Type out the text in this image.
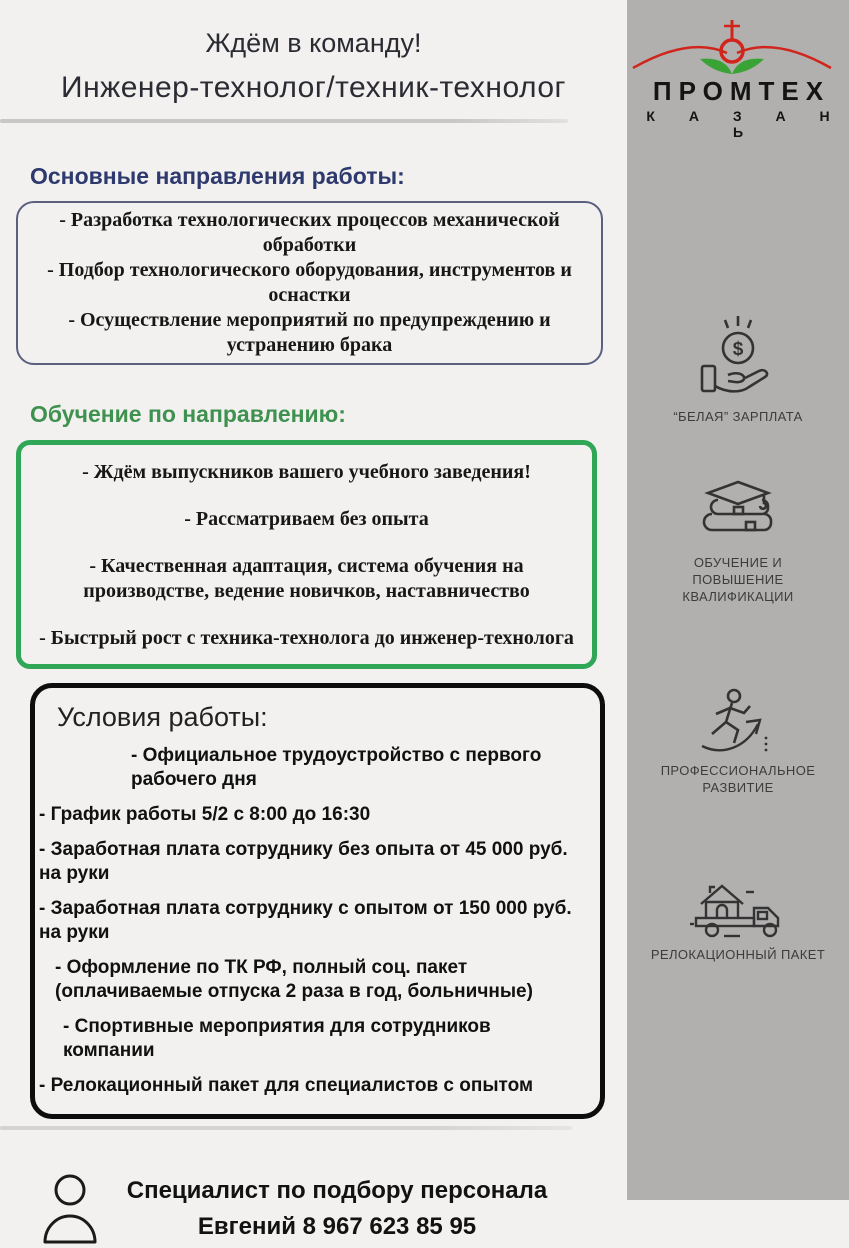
Ждём в команду!
Инженер-технолог/техник-технолог
Основные направления работы:
- Разработка технологических процессов механической обработки
- Подбор технологического оборудования, инструментов и оснастки
- Осуществление мероприятий по предупреждению и устранению брака
Обучение по направлению:
- Ждём выпускников вашего учебного заведения!
- Рассматриваем без опыта
- Качественная адаптация, система обучения на производстве, ведение новичков, наставничество
- Быстрый рост с техника-технолога до инженер-технолога
Условия работы:
- Официальное трудоустройство с первого рабочего дня
- График работы 5/2 с 8:00 до 16:30
- Заработная плата сотруднику без опыта от 45 000 руб. на руки
- Заработная плата сотруднику с опытом от 150 000 руб. на руки
- Оформление по ТК РФ, полный соц. пакет (оплачиваемые отпуска 2 раза в год, больничные)
- Спортивные мероприятия для сотрудников компании
- Релокационный пакет для специалистов с опытом
Специалист по подбору персонала
Евгений 8 967 623 85 95
ПРОМТЕХ
К А З А Н Ь
$
“БЕЛАЯ” ЗАРПЛАТА
ОБУЧЕНИЕ И ПОВЫШЕНИЕ КВАЛИФИКАЦИИ
ПРОФЕССИОНАЛЬНОЕ РАЗВИТИЕ
РЕЛОКАЦИОННЫЙ ПАКЕТ
